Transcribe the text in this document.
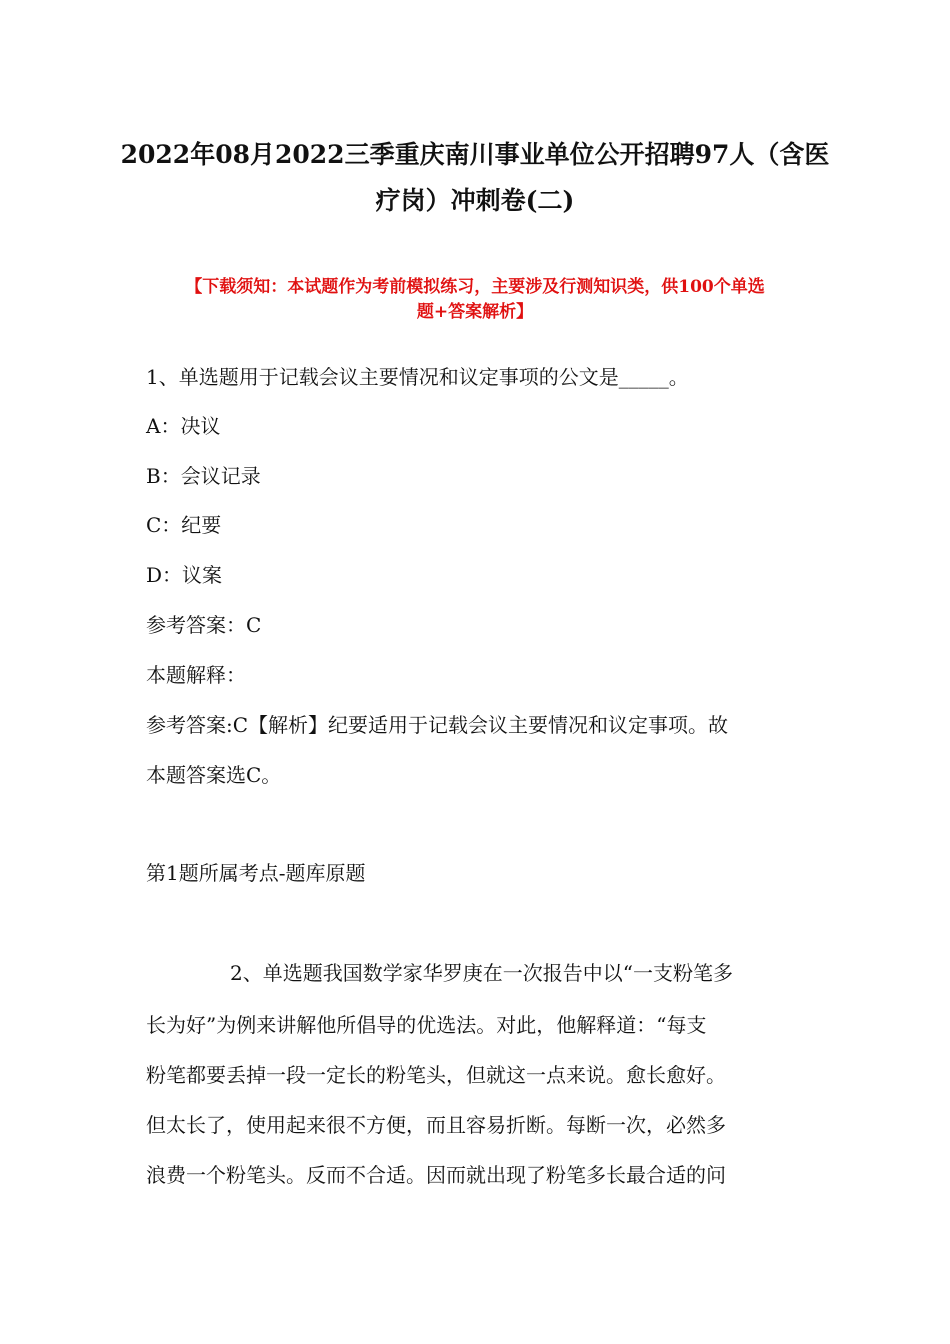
2022年08月2022三季重庆南川事业单位公开招聘97人（含医
疗岗）冲刺卷(二)
【下载须知：本试题作为考前模拟练习，主要涉及行测知识类，供100个单选
题+答案解析】
1、单选题用于记载会议主要情况和议定事项的公文是_____。
A：决议
B：会议记录
C：纪要
D：议案
参考答案：C
本题解释：
参考答案:C【解析】纪要适用于记载会议主要情况和议定事项。故
本题答案选C。
第1题所属考点-题库原题
2、单选题我国数学家华罗庚在一次报告中以“一支粉笔多
长为好”为例来讲解他所倡导的优选法。对此，他解释道：“每支
粉笔都要丢掉一段一定长的粉笔头，但就这一点来说。愈长愈好。
但太长了，使用起来很不方便，而且容易折断。每断一次，必然多
浪费一个粉笔头。反而不合适。因而就出现了粉笔多长最合适的问
